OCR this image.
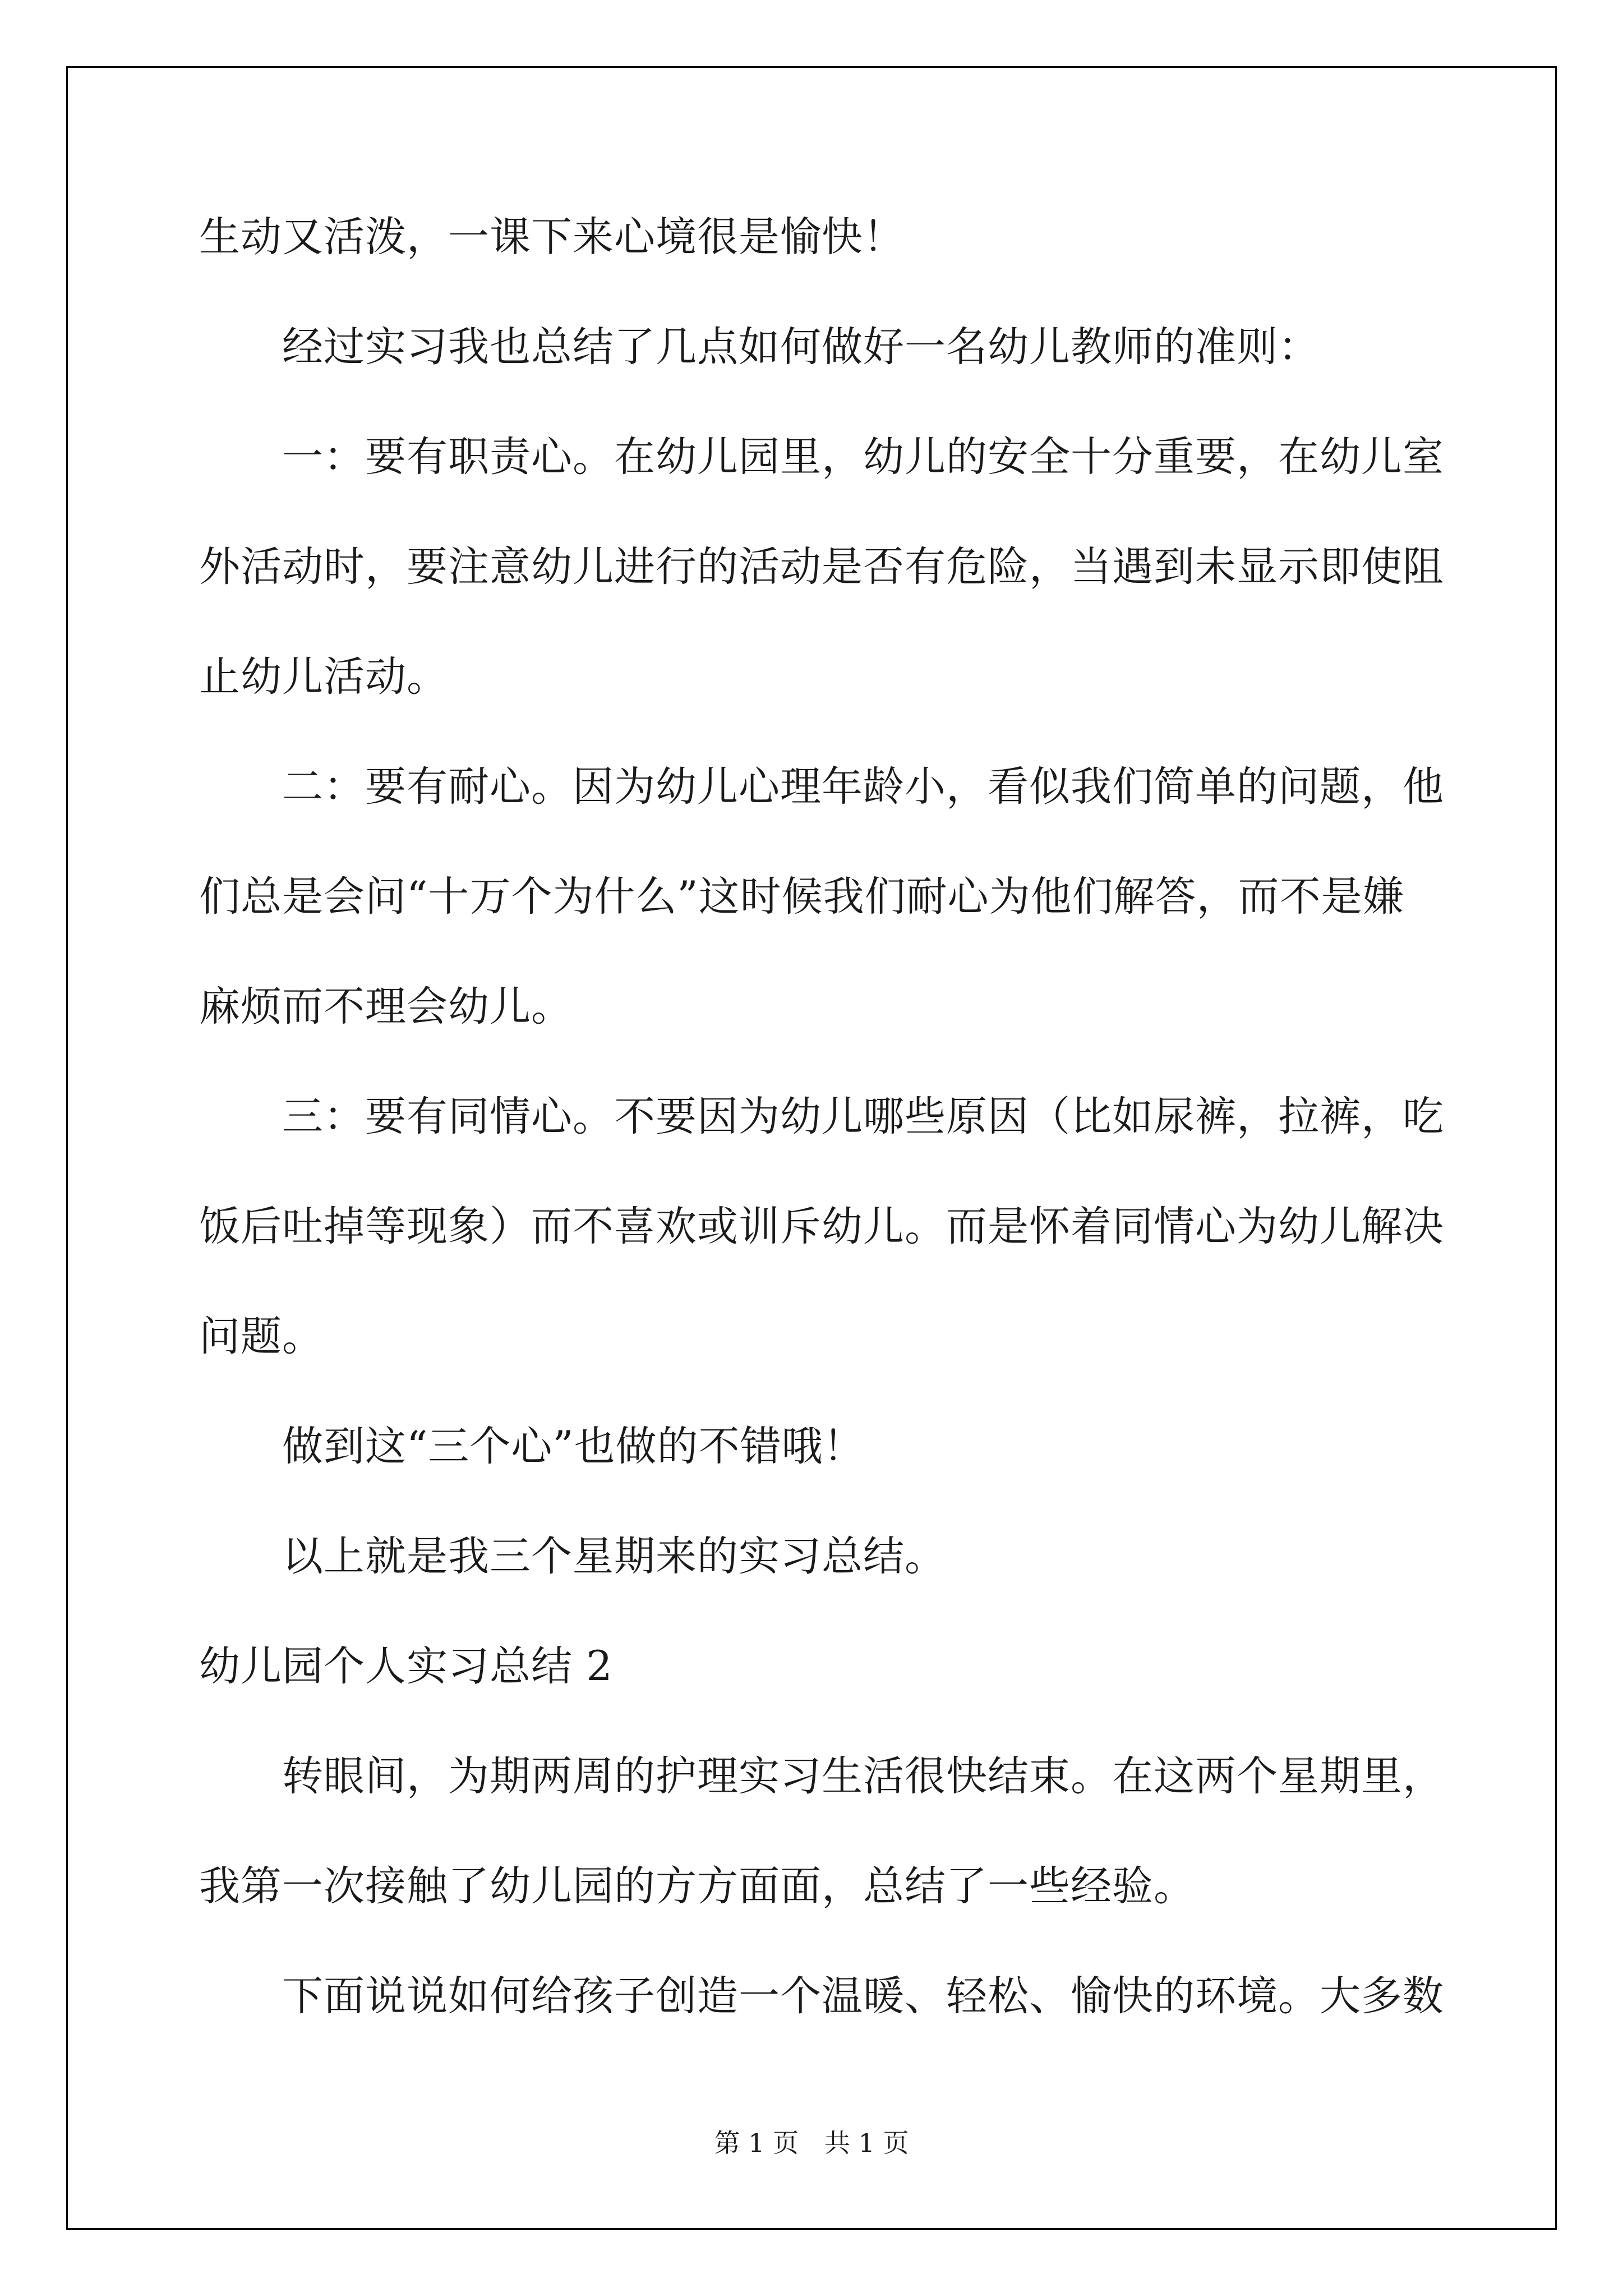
生动又活泼，一课下来心境很是愉快！

经过实习我也总结了几点如何做好一名幼儿教师的准则：

一：要有职责心。在幼儿园里，幼儿的安全十分重要，在幼儿室

外活动时，要注意幼儿进行的活动是否有危险，当遇到未显示即使阻

止幼儿活动。

二：要有耐心。因为幼儿心理年龄小，看似我们简单的问题，他

们总是会问“十万个为什么”这时候我们耐心为他们解答，而不是嫌

麻烦而不理会幼儿。

三：要有同情心。不要因为幼儿哪些原因（比如尿裤，拉裤，吃

饭后吐掉等现象）而不喜欢或训斥幼儿。而是怀着同情心为幼儿解决

问题。

做到这“三个心”也做的不错哦！

以上就是我三个星期来的实习总结。

幼儿园个人实习总结 2

转眼间，为期两周的护理实习生活很快结束。在这两个星期里，

我第一次接触了幼儿园的方方面面，总结了一些经验。

下面说说如何给孩子创造一个温暖、轻松、愉快的环境。大多数

第 1 页　共 1 页
